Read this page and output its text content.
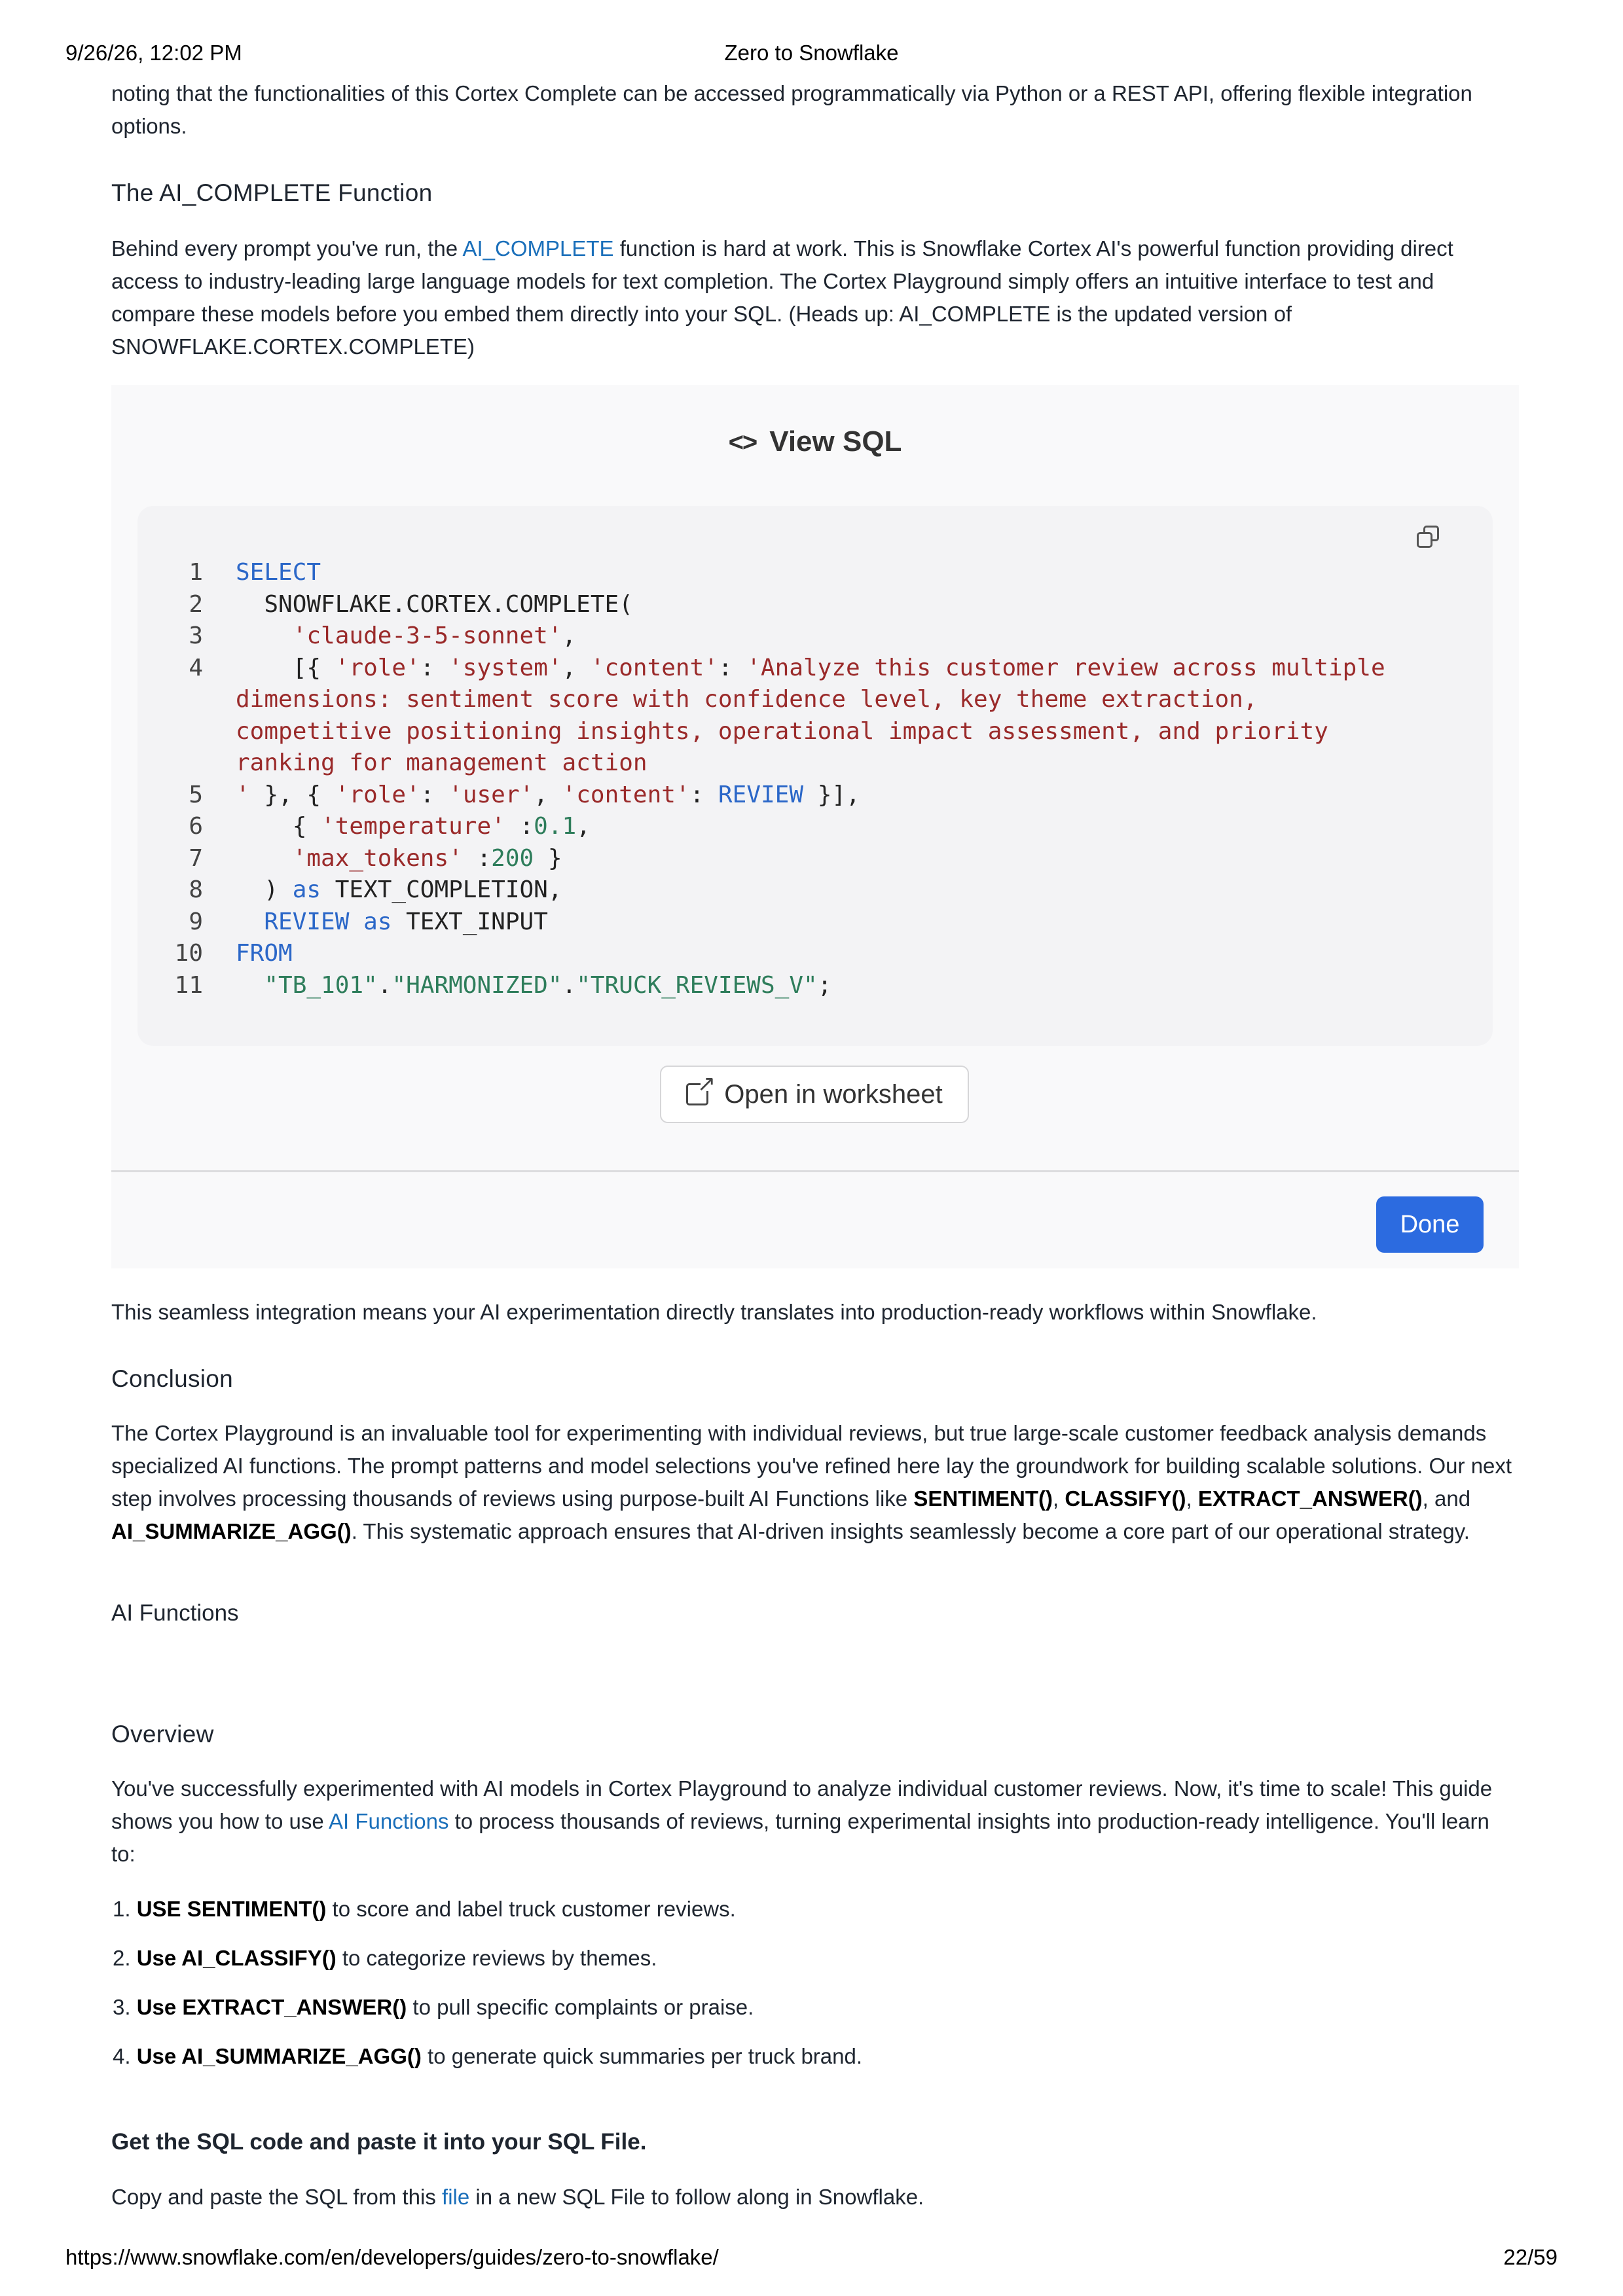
9/26/26, 12:02 PM	Zero to Snowflake

noting that the functionalities of this Cortex Complete can be accessed programmatically via Python or a REST API, offering flexible integration
options.

The AI_COMPLETE Function

Behind every prompt you've run, the AI_COMPLETE function is hard at work. This is Snowflake Cortex AI's powerful function providing direct
access to industry-leading large language models for text completion. The Cortex Playground simply offers an intuitive interface to test and
compare these models before you embed them directly into your SQL. (Heads up: AI_COMPLETE is the updated version of
SNOWFLAKE.CORTEX.COMPLETE)

<> View SQL
1 SELECT
2  SNOWFLAKE.CORTEX.COMPLETE(
3    'claude-3-5-sonnet',
4    [{ 'role': 'system', 'content': 'Analyze this customer review across multiple
dimensions: sentiment score with confidence level, key theme extraction,
competitive positioning insights, operational impact assessment, and priority
ranking for management action
5 ' }, { 'role': 'user', 'content': REVIEW }],
6    { 'temperature' :0.1,
7	'max_tokens' :200 }
8  ) as TEXT_COMPLETION,
9	REVIEW as TEXT_INPUT
10 FROM
11	"TB_101"."HARMONIZED"."TRUCK_REVIEWS_V";
↗
Open in worksheet
Done

This seamless integration means your AI experimentation directly translates into production-ready workflows within Snowflake.

Conclusion

The Cortex Playground is an invaluable tool for experimenting with individual reviews, but true large-scale customer feedback analysis demands
specialized AI functions. The prompt patterns and model selections you've refined here lay the groundwork for building scalable solutions. Our next
step involves processing thousands of reviews using purpose-built AI Functions like SENTIMENT(), CLASSIFY(), EXTRACT_ANSWER(), and
AI_SUMMARIZE_AGG(). This systematic approach ensures that AI-driven insights seamlessly become a core part of our operational strategy.

AI Functions
Overview

You've successfully experimented with AI models in Cortex Playground to analyze individual customer reviews. Now, it's time to scale! This guide
shows you how to use AI Functions to process thousands of reviews, turning experimental insights into production-ready intelligence. You'll learn
to:

1. USE SENTIMENT() to score and label truck customer reviews.

2. Use AI_CLASSIFY() to categorize reviews by themes.

3. Use EXTRACT_ANSWER() to pull specific complaints or praise.

4. Use AI_SUMMARIZE_AGG() to generate quick summaries per truck brand.

Get the SQL code and paste it into your SQL File.

Copy and paste the SQL from this file in a new SQL File to follow along in Snowflake.

https://www.snowflake.com/en/developers/guides/zero-to-snowflake/	22/59
